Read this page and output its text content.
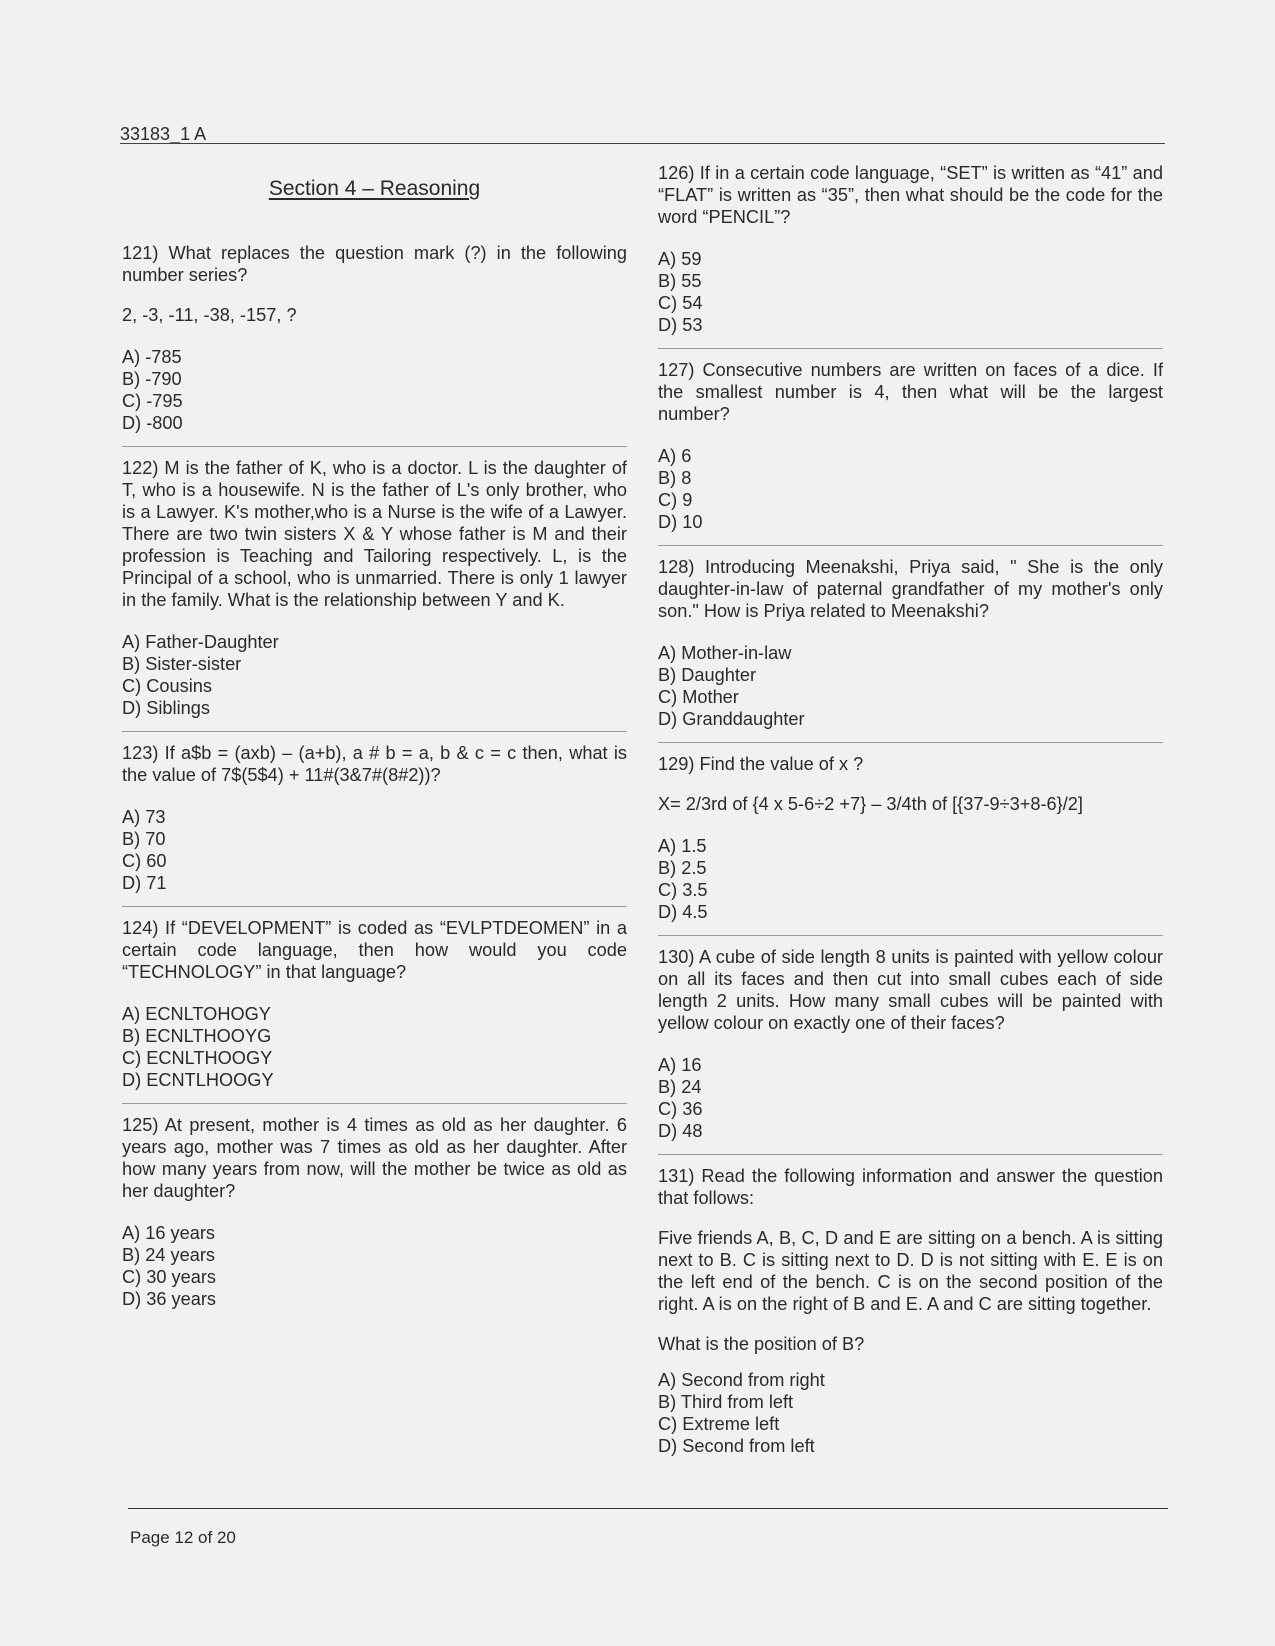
33183_1 A
Section 4 – Reasoning

121) What replaces the question mark (?) in the following number series?

2, -3, -11, -38, -157, ?

A) -785
B) -790
C) -795
D) -800

122) M is the father of K, who is a doctor. L is the daughter of T, who is a housewife. N is the father of L's only brother, who is a Lawyer. K's mother,who is a Nurse is the wife of a Lawyer. There are two twin sisters X & Y whose father is M and their profession is Teaching and Tailoring respectively. L, is the Principal of a school, who is unmarried. There is only 1 lawyer in the family. What is the relationship between Y and K.

A) Father-Daughter
B) Sister-sister
C) Cousins
D) Siblings

123) If a$b = (axb) – (a+b), a # b = a, b & c = c then, what is the value of 7$(5$4) + 11#(3&7#(8#2))?

A) 73
B) 70
C) 60
D) 71

124) If “DEVELOPMENT” is coded as “EVLPTDEOMEN” in a certain code language, then how would you code “TECHNOLOGY” in that language?

A) ECNLTOHOGY
B) ECNLTHOOYG
C) ECNLTHOOGY
D) ECNTLHOOGY

125) At present, mother is 4 times as old as her daughter. 6 years ago, mother was 7 times as old as her daughter. After how many years from now, will the mother be twice as old as her daughter?

A) 16 years
B) 24 years
C) 30 years
D) 36 years

126) If in a certain code language, “SET” is written as “41” and “FLAT” is written as “35”, then what should be the code for the word “PENCIL”?

A) 59
B) 55
C) 54
D) 53

127) Consecutive numbers are written on faces of a dice. If the smallest number is 4, then what will be the largest number?

A) 6
B) 8
C) 9
D) 10

128) Introducing Meenakshi, Priya said, " She is the only daughter-in-law of paternal grandfather of my mother's only son." How is Priya related to Meenakshi?

A) Mother-in-law
B) Daughter
C) Mother
D) Granddaughter

129) Find the value of x ?

X= 2/3rd of {4 x 5-6÷2 +7} – 3/4th of [{37-9÷3+8-6}/2]

A) 1.5
B) 2.5
C) 3.5
D) 4.5

130) A cube of side length 8 units is painted with yellow colour on all its faces and then cut into small cubes each of side length 2 units. How many small cubes will be painted with yellow colour on exactly one of their faces?

A) 16
B) 24
C) 36
D) 48

131) Read the following information and answer the question that follows:

Five friends A, B, C, D and E are sitting on a bench. A is sitting next to B. C is sitting next to D. D is not sitting with E. E is on the left end of the bench. C is on the second position of the right. A is on the right of B and E. A and C are sitting together.

What is the position of B?

A) Second from right
B) Third from left
C) Extreme left
D) Second from left
Page 12 of 20
